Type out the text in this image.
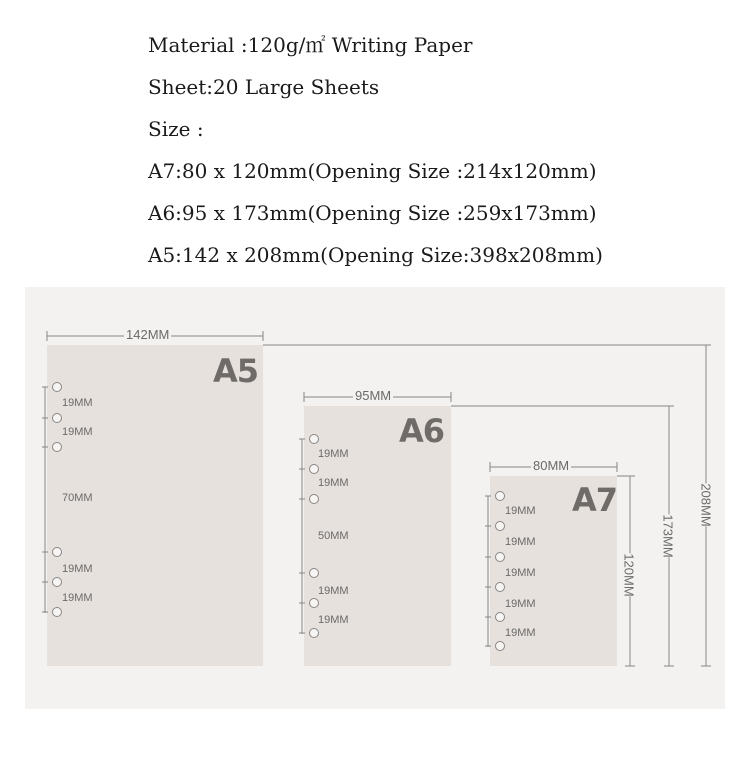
Material :120g/㎡ Writing Paper
Sheet:20 Large Sheets
Size :
A7:80 x 120mm(Opening Size :214x120mm)
A6:95 x 173mm(Opening Size :259x173mm)
A5:142 x 208mm(Opening Size:398x208mm)
A5
A6
A7
142MM
95MM
80MM
208MM
173MM
120MM
19MM
19MM
70MM
19MM
19MM
19MM
19MM
50MM
19MM
19MM
19MM
19MM
19MM
19MM
19MM
